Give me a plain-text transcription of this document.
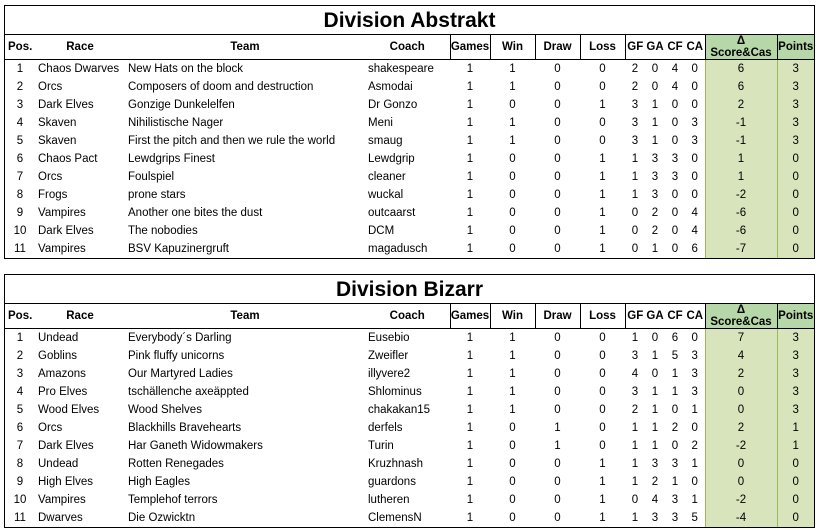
Division Abstrakt
Pos.	Race	Team	Coach	Games	Win	Draw	Loss	GF	GA	CF	CA	Δ Score&Cas	Points
1	Chaos Dwarves	New Hats on the block	shakespeare	1	1	0	0	2	0	4	0	6	3
2	Orcs	Composers of doom and destruction	Asmodai	1	1	0	0	2	0	4	0	6	3
3	Dark Elves	Gonzige Dunkelelfen	Dr Gonzo	1	0	0	1	3	1	0	0	2	3
4	Skaven	Nihilistische Nager	Meni	1	1	0	0	3	1	0	3	-1	3
5	Skaven	First the pitch and then we rule the world	smaug	1	1	0	0	3	1	0	3	-1	3
6	Chaos Pact	Lewdgrips Finest	Lewdgrip	1	0	0	1	1	3	3	0	1	0
7	Orcs	Foulspiel	cleaner	1	0	0	1	1	3	3	0	1	0
8	Frogs	prone stars	wuckal	1	0	0	1	1	3	0	0	-2	0
9	Vampires	Another one bites the dust	outcaarst	1	0	0	1	0	2	0	4	-6	0
10	Dark Elves	The nobodies	DCM	1	0	0	1	0	2	0	4	-6	0
11	Vampires	BSV Kapuzinergruft	magadusch	1	0	0	1	0	1	0	6	-7	0
Division Bizarr
Pos.	Race	Team	Coach	Games	Win	Draw	Loss	GF	GA	CF	CA	Δ Score&Cas	Points
1	Undead	Everybody´s Darling	Eusebio	1	1	0	0	1	0	6	0	7	3
2	Goblins	Pink fluffy unicorns	Zweifler	1	1	0	0	3	1	5	3	4	3
3	Amazons	Our Martyred Ladies	illyvere2	1	1	0	0	4	0	1	3	2	3
4	Pro Elves	tschällenche axeäppted	Shlominus	1	1	0	0	3	1	1	3	0	3
5	Wood Elves	Wood Shelves	chakakan15	1	1	0	0	2	1	0	1	0	3
6	Orcs	Blackhills Bravehearts	derfels	1	0	1	0	1	1	2	0	2	1
7	Dark Elves	Har Ganeth Widowmakers	Turin	1	0	1	0	1	1	0	2	-2	1
8	Undead	Rotten Renegades	Kruzhnash	1	0	0	1	1	3	3	1	0	0
9	High Elves	High Eagles	guardons	1	0	0	1	1	2	1	0	0	0
10	Vampires	Templehof terrors	lutheren	1	0	0	1	0	4	3	1	-2	0
11	Dwarves	Die Ozwicktn	ClemensN	1	0	0	1	1	3	3	5	-4	0
